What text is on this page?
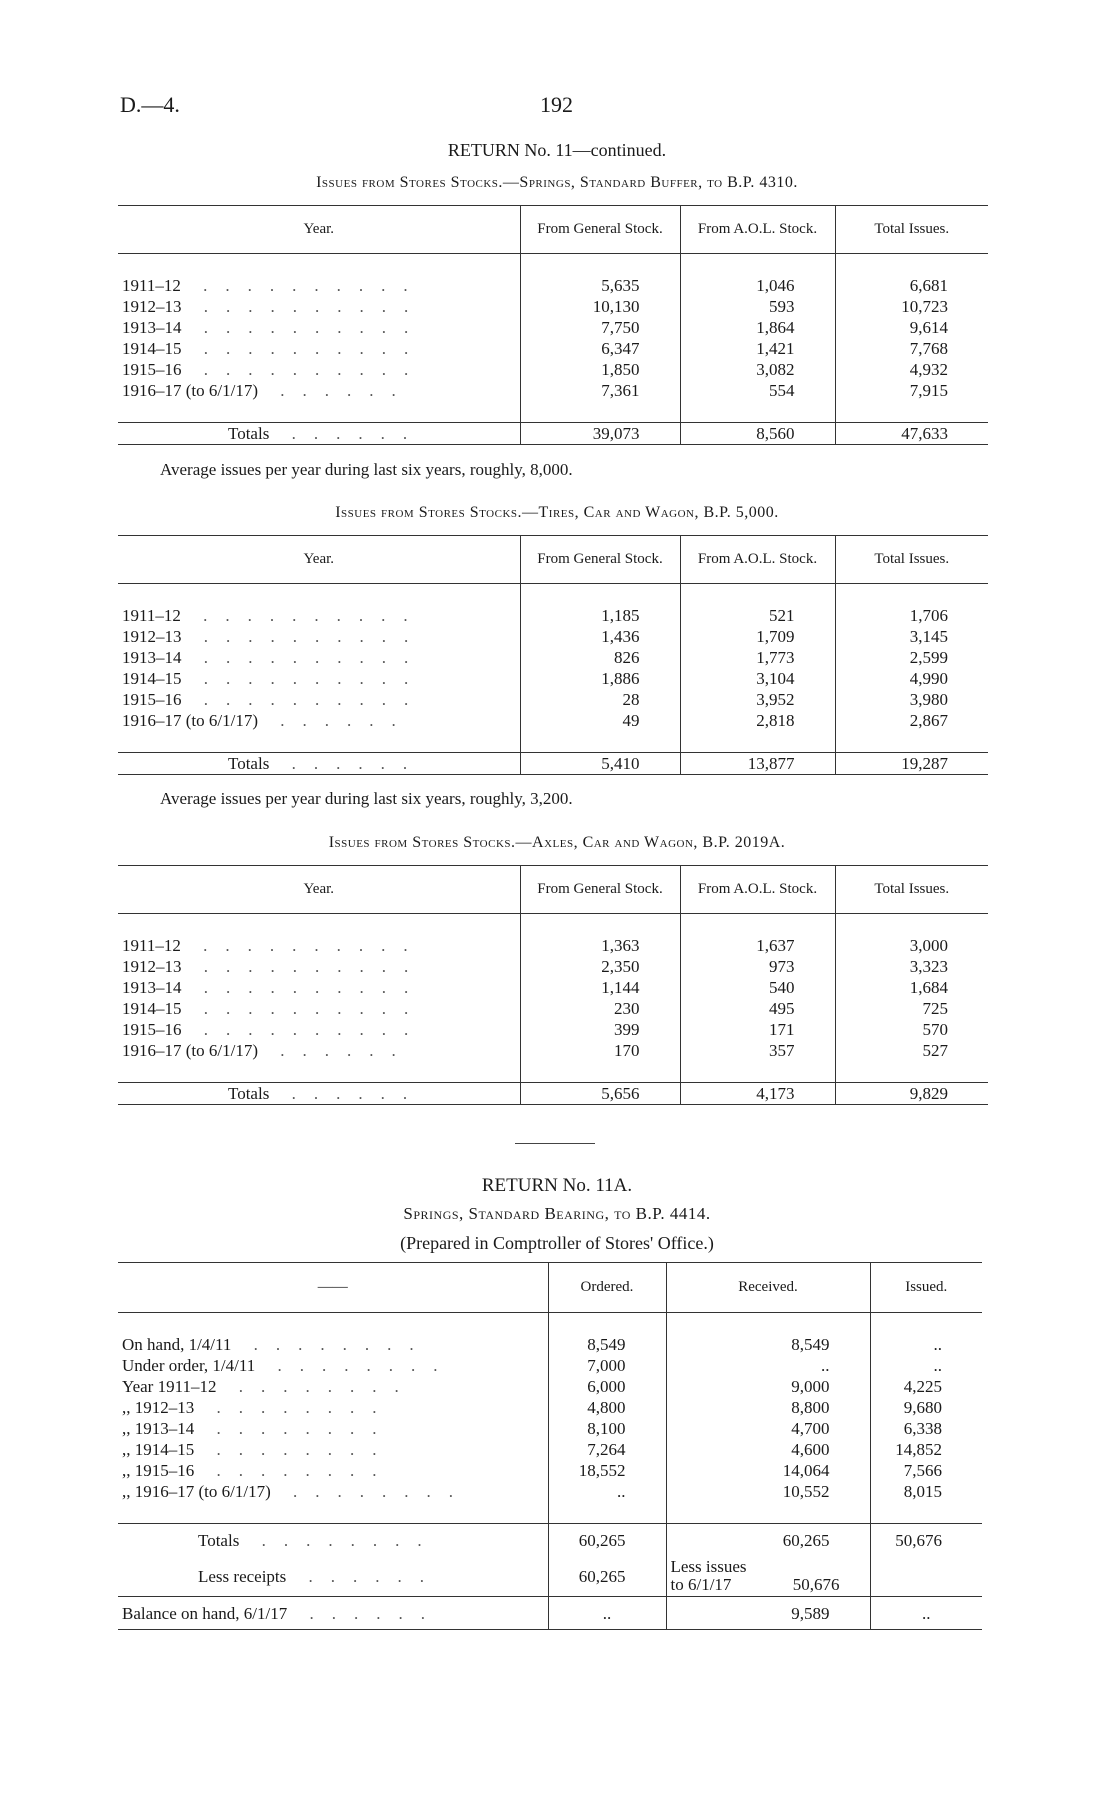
D.—4.	192
RETURN No. 11—continued.
Issues from Stores Stocks.—Springs, Standard Buffer, to B.P. 4310.
Year.	From General Stock.	From A.O.L. Stock.	Total Issues.

1911–12 ..........	5,635	1,046	6,681
1912–13 ..........	10,130	593	10,723
1913–14 ..........	7,750	1,864	9,614
1914–15 ..........	6,347	1,421	7,768
1915–16 ..........	1,850	3,082	4,932
1916–17 (to 6/1/17) ......	7,361	554	7,915

Totals ......	39,073	8,560	47,633
Average issues per year during last six years, roughly, 8,000.
Issues from Stores Stocks.—Tires, Car and Wagon, B.P. 5,000.
Year.	From General Stock.	From A.O.L. Stock.	Total Issues.

1911–12 ..........	1,185	521	1,706
1912–13 ..........	1,436	1,709	3,145
1913–14 ..........	826	1,773	2,599
1914–15 ..........	1,886	3,104	4,990
1915–16 ..........	28	3,952	3,980
1916–17 (to 6/1/17) ......	49	2,818	2,867

Totals ......	5,410	13,877	19,287
Average issues per year during last six years, roughly, 3,200.
Issues from Stores Stocks.—Axles, Car and Wagon, B.P. 2019A.
Year.	From General Stock.	From A.O.L. Stock.	Total Issues.

1911–12 ..........	1,363	1,637	3,000
1912–13 ..........	2,350	973	3,323
1913–14 ..........	1,144	540	1,684
1914–15 ..........	230	495	725
1915–16 ..........	399	171	570
1916–17 (to 6/1/17) ......	170	357	527

Totals ......	5,656	4,173	9,829
RETURN No. 11A.
Springs, Standard Bearing, to B.P. 4414.
(Prepared in Comptroller of Stores' Office.)
——	Ordered.	Received.	Issued.

On hand, 1/4/11 ........	8,549	8,549	..
Under order, 1/4/11 ........	7,000	..	..
Year 1911–12 ........	6,000	9,000	4,225
,, 1912–13 ........	4,800	8,800	9,680
,, 1913–14 ........	8,100	4,700	6,338
,, 1914–15 ........	7,264	4,600	14,852
,, 1915–16 ........	18,552	14,064	7,566
,, 1916–17 (to 6/1/17) ........	..	10,552	8,015

Totals ........	60,265	60,265	50,676
Less receipts ......	60,265	Less issues to 6/1/17 50,676	

Balance on hand, 6/1/17 ......	..	9,589	..
